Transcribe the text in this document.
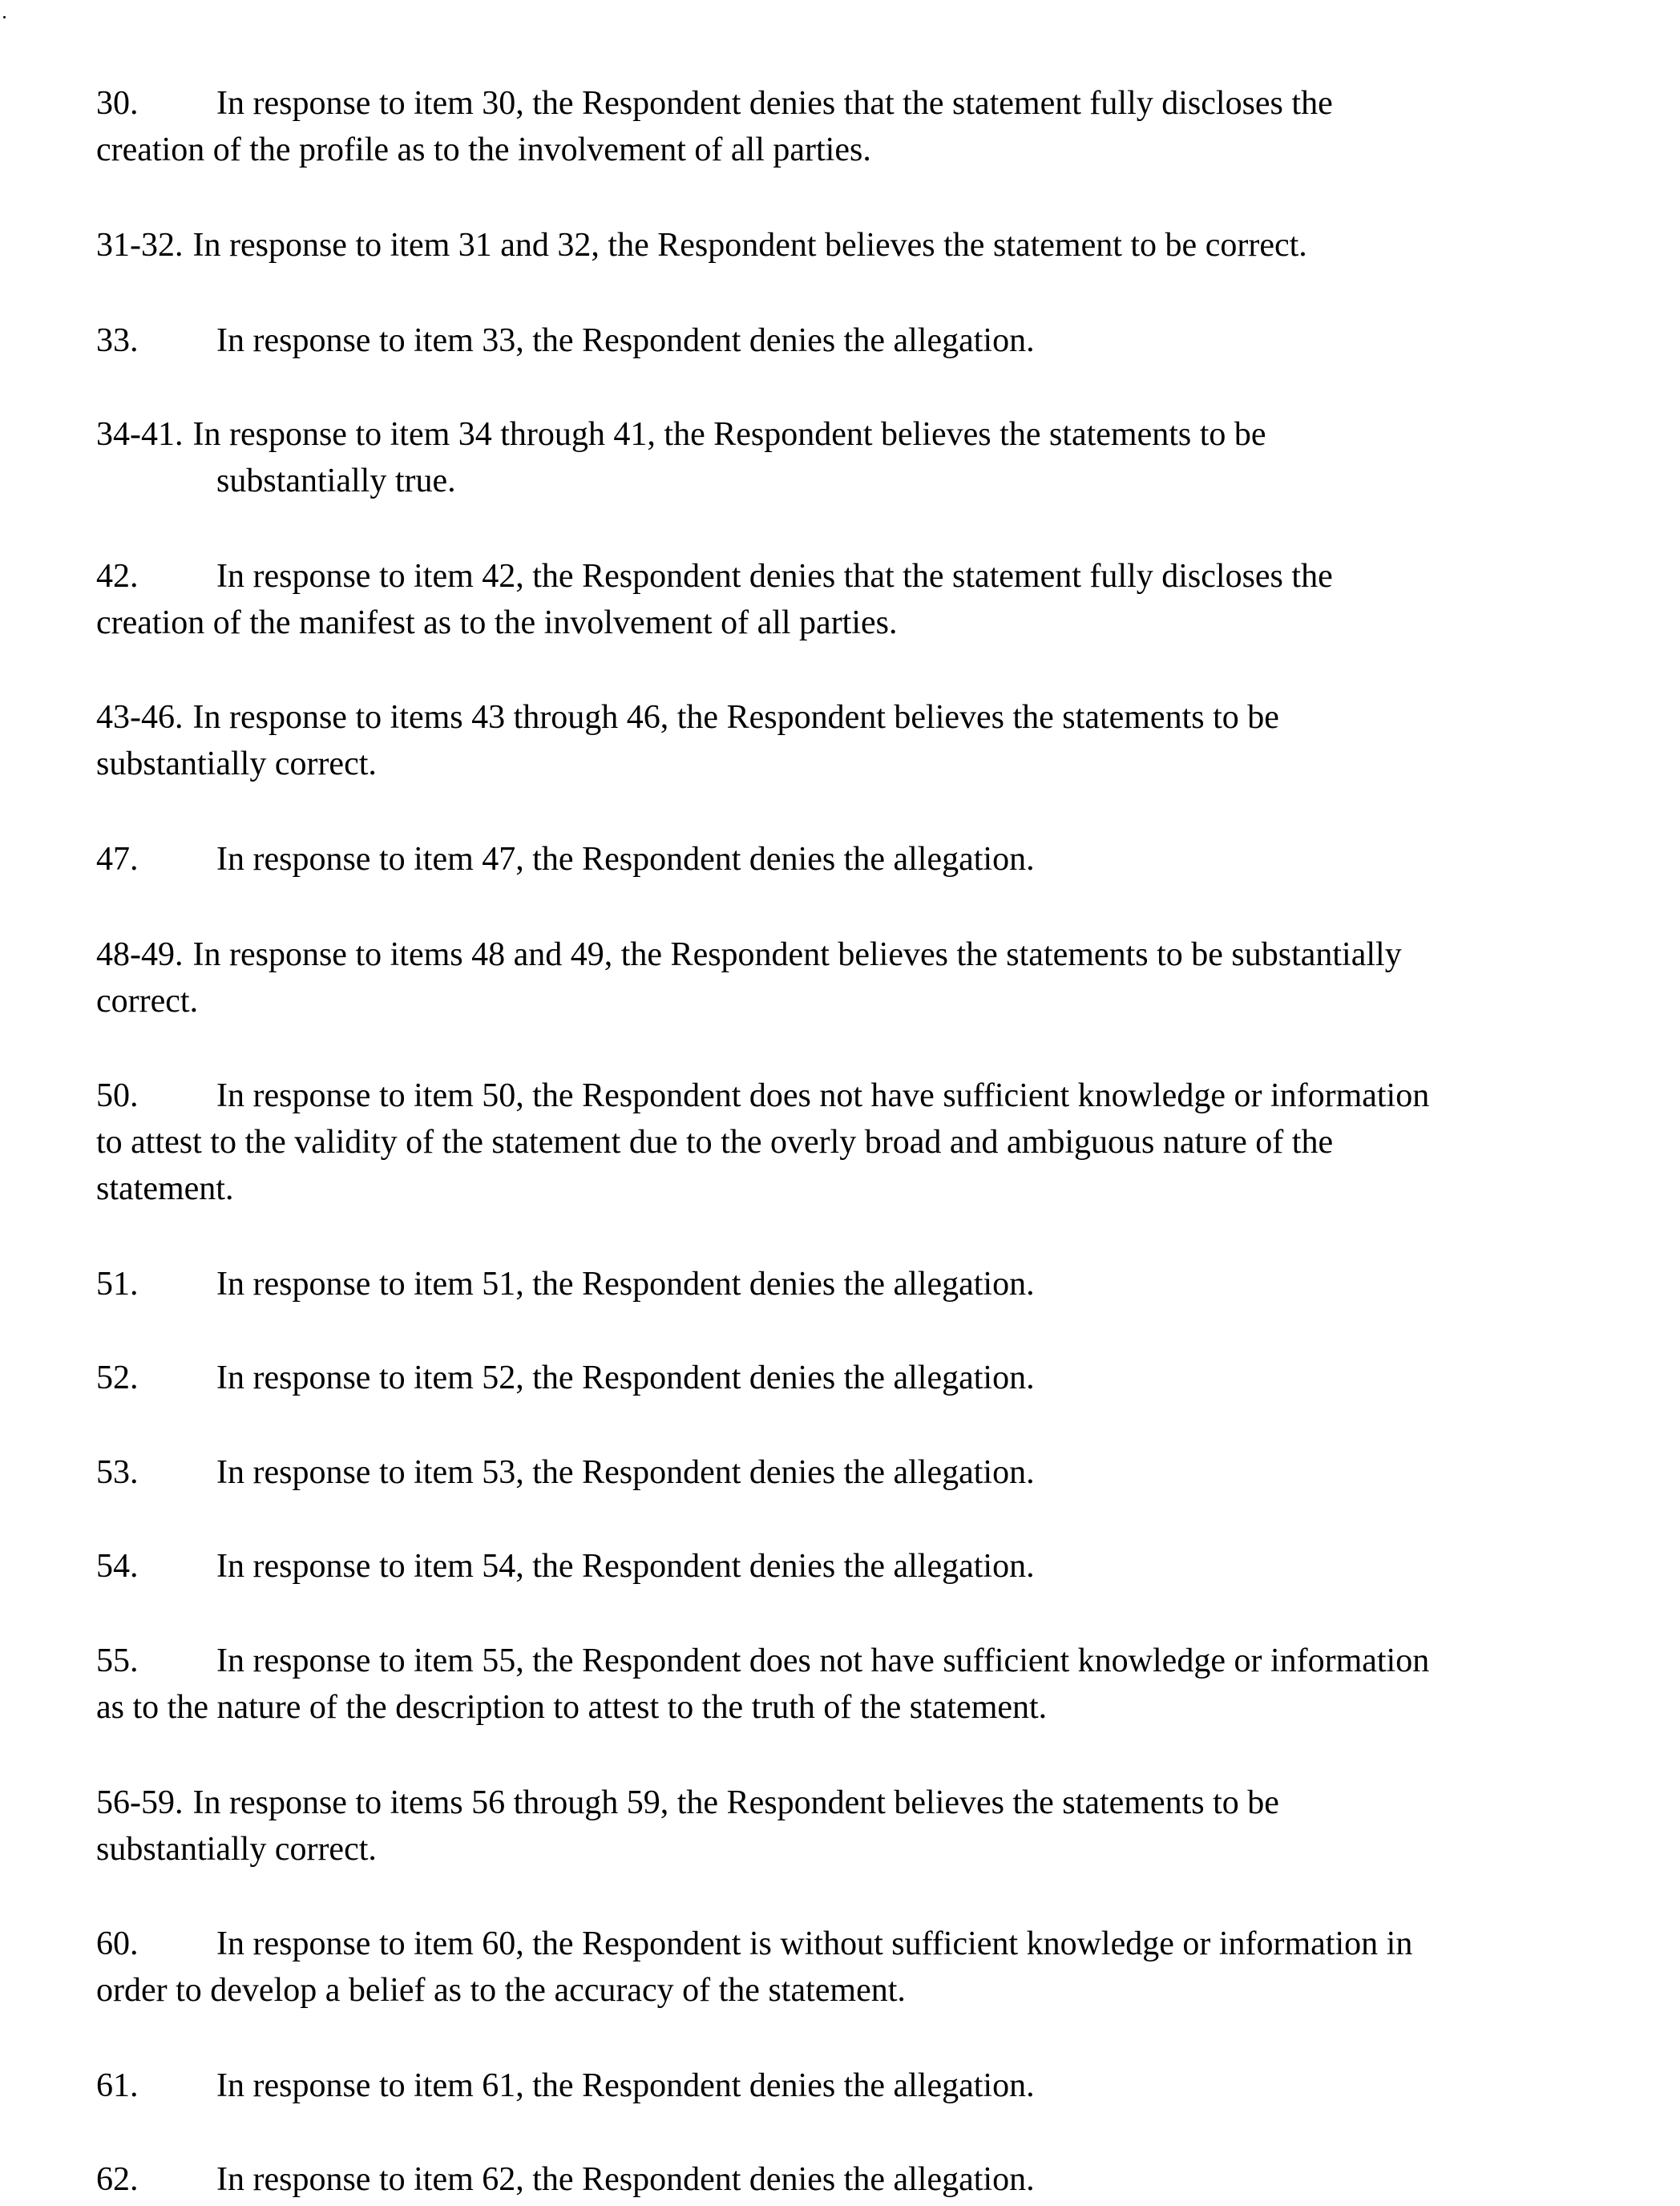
30. In response to item 30, the Respondent denies that the statement fully discloses the
creation of the profile as to the involvement of all parties.
31-32. In response to item 31 and 32, the Respondent believes the statement to be correct.
33. In response to item 33, the Respondent denies the allegation.
34-41. In response to item 34 through 41, the Respondent believes the statements to be
substantially true.
42. In response to item 42, the Respondent denies that the statement fully discloses the
creation of the manifest as to the involvement of all parties.
43-46. In response to items 43 through 46, the Respondent believes the statements to be
substantially correct.
47. In response to item 47, the Respondent denies the allegation.
48-49. In response to items 48 and 49, the Respondent believes the statements to be substantially
correct.
50. In response to item 50, the Respondent does not have sufficient knowledge or information
to attest to the validity of the statement due to the overly broad and ambiguous nature of the
statement.
51. In response to item 51, the Respondent denies the allegation.
52. In response to item 52, the Respondent denies the allegation.
53. In response to item 53, the Respondent denies the allegation.
54. In response to item 54, the Respondent denies the allegation.
55. In response to item 55, the Respondent does not have sufficient knowledge or information
as to the nature of the description to attest to the truth of the statement.
56-59. In response to items 56 through 59, the Respondent believes the statements to be
substantially correct.
60. In response to item 60, the Respondent is without sufficient knowledge or information in
order to develop a belief as to the accuracy of the statement.
61. In response to item 61, the Respondent denies the allegation.
62. In response to item 62, the Respondent denies the allegation.
